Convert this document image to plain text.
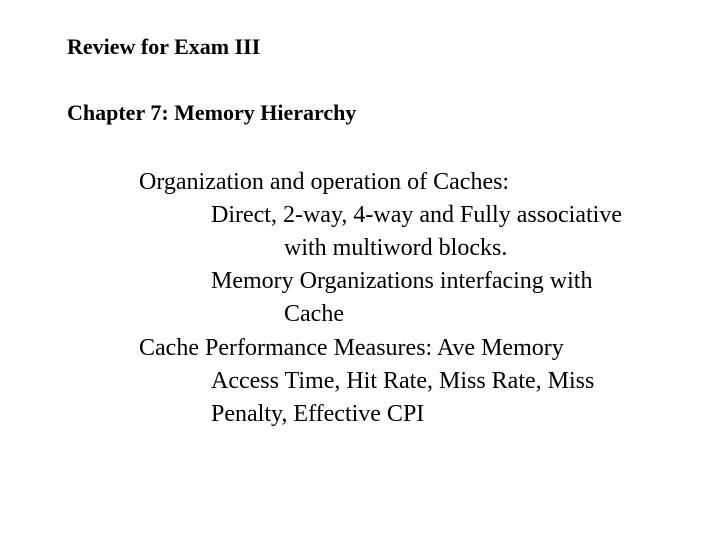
Review for Exam III
Chapter 7: Memory Hierarchy
Organization and operation of Caches:
Direct, 2-way, 4-way and Fully associative
with multiword blocks.
Memory Organizations interfacing with
Cache
Cache Performance Measures: Ave Memory
Access Time, Hit Rate, Miss Rate, Miss
Penalty, Effective CPI
